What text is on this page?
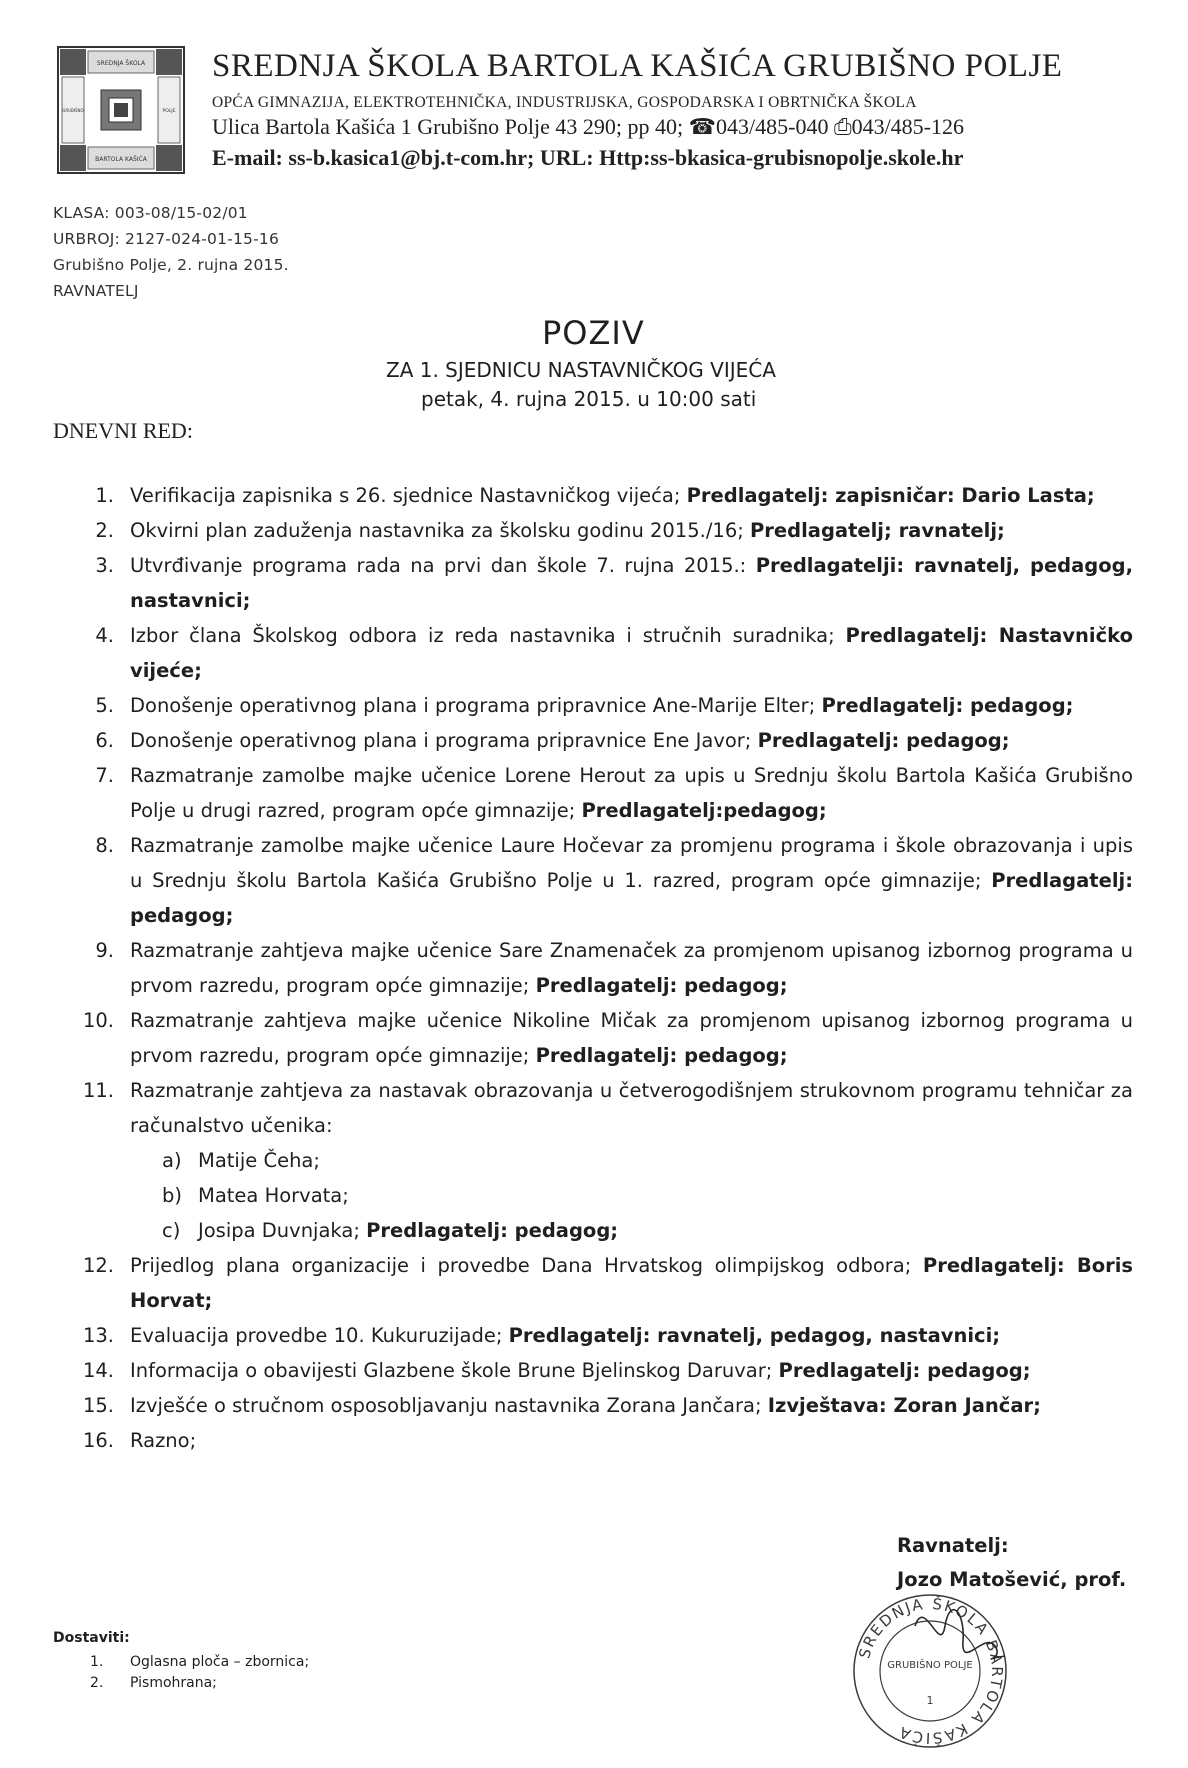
SREDNJA ŠKOLA
BARTOLA KAŠIĆA
GRUBIŠNO	POLJE
SREDNJA ŠKOLA BARTOLA KAŠIĆA GRUBIŠNO POLJE
OPĆA GIMNAZIJA, ELEKTROTEHNIČKA, INDUSTRIJSKA, GOSPODARSKA I OBRTNIČKA ŠKOLA
Ulica Bartola Kašića 1 Grubišno Polje 43 290; pp 40; ☎043/485-040 ⎙043/485-126
E-mail: ss-b.kasica1@bj.t-com.hr; URL: Http:ss-bkasica-grubisnopolje.skole.hr
KLASA: 003-08/15-02/01
URBROJ: 2127-024-01-15-16
Grubišno Polje, 2. rujna 2015.
RAVNATELJ
POZIV
ZA 1. SJEDNICU NASTAVNIČKOG VIJEĆA
petak, 4. rujna 2015. u 10:00 sati
DNEVNI RED:
1. Verifikacija zapisnika s 26. sjednice Nastavničkog vijeća; Predlagatelj: zapisničar: Dario Lasta;
2. Okvirni plan zaduženja nastavnika za školsku godinu 2015./16; Predlagatelj; ravnatelj;
3. Utvrđivanje programa rada na prvi dan škole 7. rujna 2015.: Predlagatelji: ravnatelj, pedagog, nastavnici;
4. Izbor člana Školskog odbora iz reda nastavnika i stručnih suradnika; Predlagatelj: Nastavničko vijeće;
5. Donošenje operativnog plana i programa pripravnice Ane-Marije Elter; Predlagatelj: pedagog;
6. Donošenje operativnog plana i programa pripravnice Ene Javor; Predlagatelj: pedagog;
7. Razmatranje zamolbe majke učenice Lorene Herout za upis u Srednju školu Bartola Kašića Grubišno Polje u drugi razred, program opće gimnazije; Predlagatelj:pedagog;
8. Razmatranje zamolbe majke učenice Laure Hočevar za promjenu programa i škole obrazovanja i upis u Srednju školu Bartola Kašića Grubišno Polje u 1. razred, program opće gimnazije; Predlagatelj: pedagog;
9. Razmatranje zahtjeva majke učenice Sare Znamenaček za promjenom upisanog izbornog programa u prvom razredu, program opće gimnazije; Predlagatelj: pedagog;
10. Razmatranje zahtjeva majke učenice Nikoline Mičak za promjenom upisanog izbornog programa u prvom razredu, program opće gimnazije; Predlagatelj: pedagog;
11. Razmatranje zahtjeva za nastavak obrazovanja u četverogodišnjem strukovnom programu tehničar za računalstvo učenika:
a) Matije Čeha;
b) Matea Horvata;
c) Josipa Duvnjaka; Predlagatelj: pedagog;
12. Prijedlog plana organizacije i provedbe Dana Hrvatskog olimpijskog odbora; Predlagatelj: Boris Horvat;
13. Evaluacija provedbe 10. Kukuruzijade; Predlagatelj: ravnatelj, pedagog, nastavnici;
14. Informacija o obavijesti Glazbene škole Brune Bjelinskog Daruvar; Predlagatelj: pedagog;
15. Izvješće o stručnom osposobljavanju nastavnika Zorana Jančara; Izvještava: Zoran Jančar;
16. Razno;
Ravnatelj:
Jozo Matošević, prof.
SREDNJA ŠKOLA BARTOLA KAŠIĆA
GRUBIŠNO POLJE
1
Dostaviti:
1. Oglasna ploča – zbornica;
2. Pismohrana;
